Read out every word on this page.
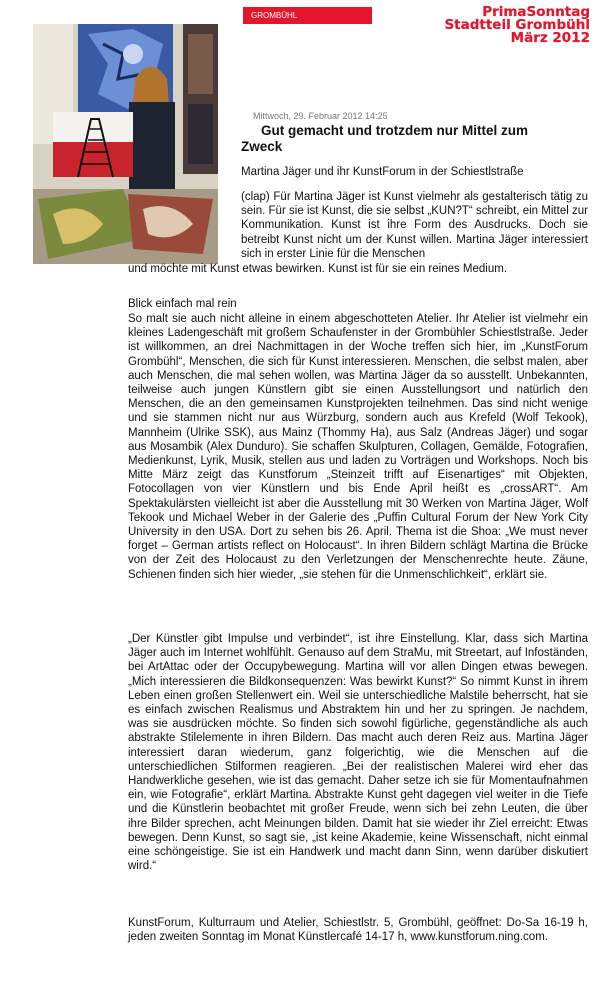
GROMBÜHL	PrimaSonntag
Stadtteil Grombühl
März 2012
Mittwoch, 29. Februar 2012 14:25
Gut gemacht und trotzdem nur Mittel zum Zweck
Martina Jäger und ihr KunstForum in der Schiestlstraße
(clap) Für Martina Jäger ist Kunst vielmehr als gestalterisch tätig zu sein. Für sie ist Kunst, die sie selbst „KUN?T“ schreibt, ein Mittel zur Kommunikation. Kunst ist ihre Form des Ausdrucks. Doch sie betreibt Kunst nicht um der Kunst willen. Martina Jäger interessiert sich in erster Linie für die Menschen
und möchte mit Kunst etwas bewirken. Kunst ist für sie ein reines Medium.
Blick einfach mal rein
So malt sie auch nicht alleine in einem abgeschotteten Atelier. Ihr Atelier ist vielmehr ein kleines Ladengeschäft mit großem Schaufenster in der Grombühler Schiestlstraße. Jeder ist willkommen, an drei Nachmittagen in der Woche treffen sich hier, im „KunstForum Grombühl“, Menschen, die sich für Kunst interessieren. Menschen, die selbst malen, aber auch Menschen, die mal sehen wollen, was Martina Jäger da so ausstellt. Unbekannten, teilweise auch jungen Künstlern gibt sie einen Ausstellungsort und natürlich den Menschen, die an den gemeinsamen Kunstprojekten teilnehmen. Das sind nicht wenige und sie stammen nicht nur aus Würzburg, sondern auch aus Krefeld (Wolf Tekook), Mannheim (Ulrike SSK), aus Mainz (Thommy Ha), aus Salz (Andreas Jäger) und sogar aus Mosambik (Alex Dunduro). Sie schaffen Skulpturen, Collagen, Gemälde, Fotografien, Medienkunst, Lyrik, Musik, stellen aus und laden zu Vorträgen und Workshops. Noch bis Mitte März zeigt das Kunstforum „Steinzeit trifft auf Eisenartiges“ mit Objekten, Fotocollagen von vier Künstlern und bis Ende April heißt es „crossART“. Am Spektakulärsten vielleicht ist aber die Ausstellung mit 30 Werken von Martina Jäger, Wolf Tekook und Michael Weber in der Galerie des „Puffin Cultural Forum der New York City University in den USA. Dort zu sehen bis 26. April. Thema ist die Shoa: „We must never forget – German artists reflect on Holocaust“. In ihren Bildern schlägt Martina die Brücke von der Zeit des Holocaust zu den Verletzungen der Menschenrechte heute. Zäune, Schienen finden sich hier wieder, „sie stehen für die Unmenschlichkeit“, erklärt sie.
„Der Künstler gibt Impulse und verbindet“, ist ihre Einstellung. Klar, dass sich Martina Jäger auch im Internet wohlfühlt. Genauso auf dem StraMu, mit Streetart, auf Infoständen, bei ArtAttac oder der Occupybewegung. Martina will vor allen Dingen etwas bewegen. „Mich interessieren die Bildkonsequenzen: Was bewirkt Kunst?“ So nimmt Kunst in ihrem Leben einen großen Stellenwert ein. Weil sie unterschiedliche Malstile beherrscht, hat sie es einfach zwischen Realismus und Abstraktem hin und her zu springen. Je nachdem, was sie ausdrücken möchte. So finden sich sowohl figürliche, gegenständliche als auch abstrakte Stilelemente in ihren Bildern. Das macht auch deren Reiz aus. Martina Jäger interessiert daran wiederum, ganz folgerichtig, wie die Menschen auf die unterschiedlichen Stilformen reagieren. „Bei der realistischen Malerei wird eher das Handwerkliche gesehen, wie ist das gemacht. Daher setze ich sie für Momentaufnahmen ein, wie Fotografie“, erklärt Martina. Abstrakte Kunst geht dagegen viel weiter in die Tiefe und die Künstlerin beobachtet mit großer Freude, wenn sich bei zehn Leuten, die über ihre Bilder sprechen, acht Meinungen bilden. Damit hat sie wieder ihr Ziel erreicht: Etwas bewegen. Denn Kunst, so sagt sie, „ist keine Akademie, keine Wissenschaft, nicht einmal eine schöngeistige. Sie ist ein Handwerk und macht dann Sinn, wenn darüber diskutiert wird.“
KunstForum, Kulturraum und Atelier, Schiestlstr. 5, Grombühl, geöffnet: Do-Sa 16-19 h, jeden zweiten Sonntag im Monat Künstlercafé 14-17 h, www.kunstforum.ning.com.
